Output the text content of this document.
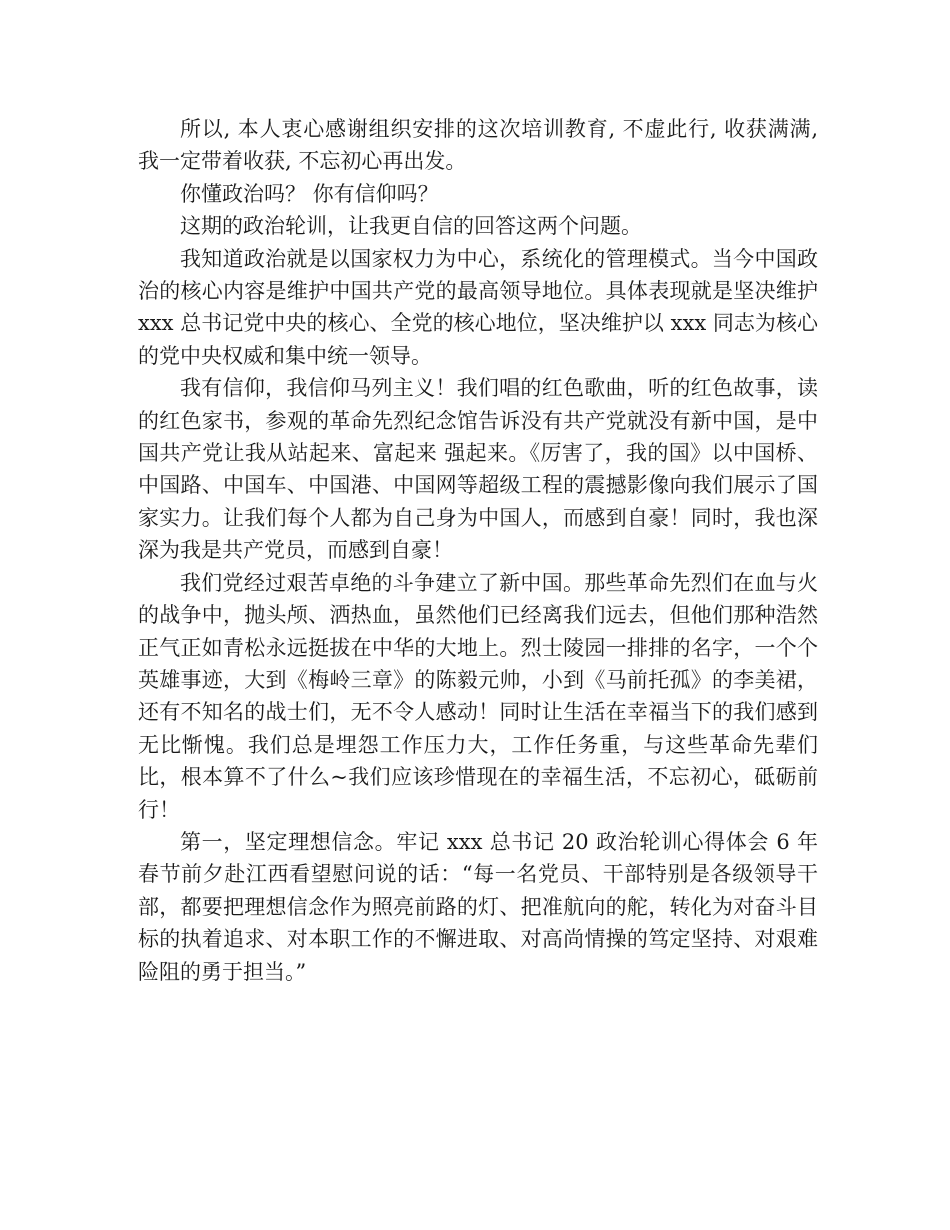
所以, 本人衷心感谢组织安排的这次培训教育, 不虚此行, 收获满满, 我一定带着收获, 不忘初心再出发。

你懂政治吗？ 你有信仰吗？

这期的政治轮训，让我更自信的回答这两个问题。

我知道政治就是以国家权力为中心，系统化的管理模式。当今中国政治的核心内容是维护中国共产党的最高领导地位。具体表现就是坚决维护 xxx 总书记党中央的核心、全党的核心地位，坚决维护以 xxx 同志为核心的党中央权威和集中统一领导。

我有信仰，我信仰马列主义！我们唱的红色歌曲，听的红色故事，读的红色家书，参观的革命先烈纪念馆告诉没有共产党就没有新中国，是中国共产党让我从站起来、富起来 强起来。《厉害了，我的国》以中国桥、中国路、中国车、中国港、中国网等超级工程的震撼影像向我们展示了国家实力。让我们每个人都为自己身为中国人，而感到自豪！同时，我也深深为我是共产党员，而感到自豪！

我们党经过艰苦卓绝的斗争建立了新中国。那些革命先烈们在血与火的战争中，抛头颅、洒热血，虽然他们已经离我们远去，但他们那种浩然正气正如青松永远挺拔在中华的大地上。烈士陵园一排排的名字，一个个英雄事迹，大到《梅岭三章》的陈毅元帅，小到《马前托孤》的李美裙， 还有不知名的战士们，无不令人感动！同时让生活在幸福当下的我们感到无比惭愧。我们总是埋怨工作压力大，工作任务重，与这些革命先辈们比，根本算不了什么~我们应该珍惜现在的幸福生活，不忘初心，砥砺前行！

第一，坚定理想信念。牢记 xxx 总书记 20 政治轮训心得体会 6 年春节前夕赴江西看望慰问说的话：“每一名党员、干部特别是各级领导干部，都要把理想信念作为照亮前路的灯、把准航向的舵，转化为对奋斗目标的执着追求、对本职工作的不懈进取、对高尚情操的笃定坚持、对艰难险阻的勇于担当。”
